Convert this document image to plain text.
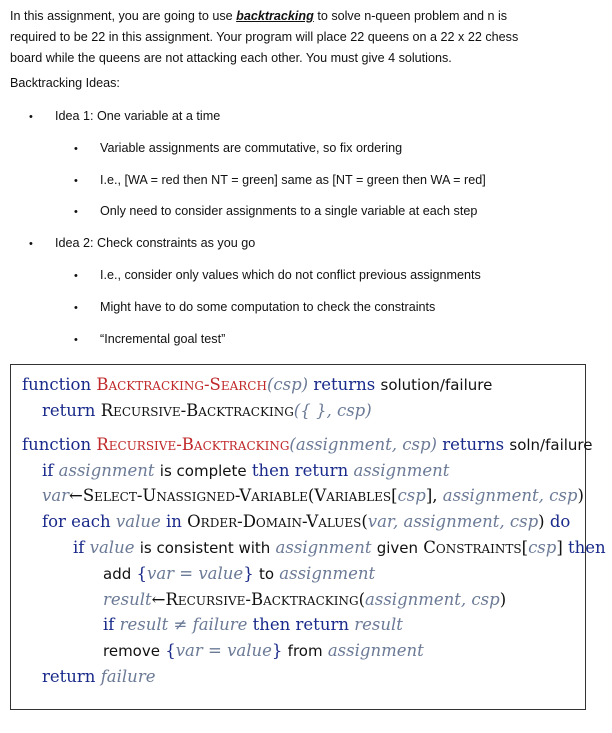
In this assignment, you are going to use backtracking to solve n-queen problem and n is
required to be 22 in this assignment. Your program will place 22 queens on a 22 x 22 chess
board while the queens are not attacking each other. You must give 4 solutions.
Backtracking Ideas:
• Idea 1: One variable at a time
• Variable assignments are commutative, so fix ordering
• I.e., [WA = red then NT = green] same as [NT = green then WA = red]
• Only need to consider assignments to a single variable at each step
• Idea 2: Check constraints as you go
• I.e., consider only values which do not conflict previous assignments
• Might have to do some computation to check the constraints
• “Incremental goal test”
function Backtracking-Search(csp) returns solution/failure
return Recursive-Backtracking({ }, csp)
function Recursive-Backtracking(assignment, csp) returns soln/failure
if assignment is complete then return assignment
var←Select-Unassigned-Variable(Variables[csp], assignment, csp)
for each value in Order-Domain-Values(var, assignment, csp) do
if value is consistent with assignment given Constraints[csp] then
add {var = value} to assignment
result←Recursive-Backtracking(assignment, csp)
if result ≠ failure then return result
remove {var = value} from assignment
return failure
